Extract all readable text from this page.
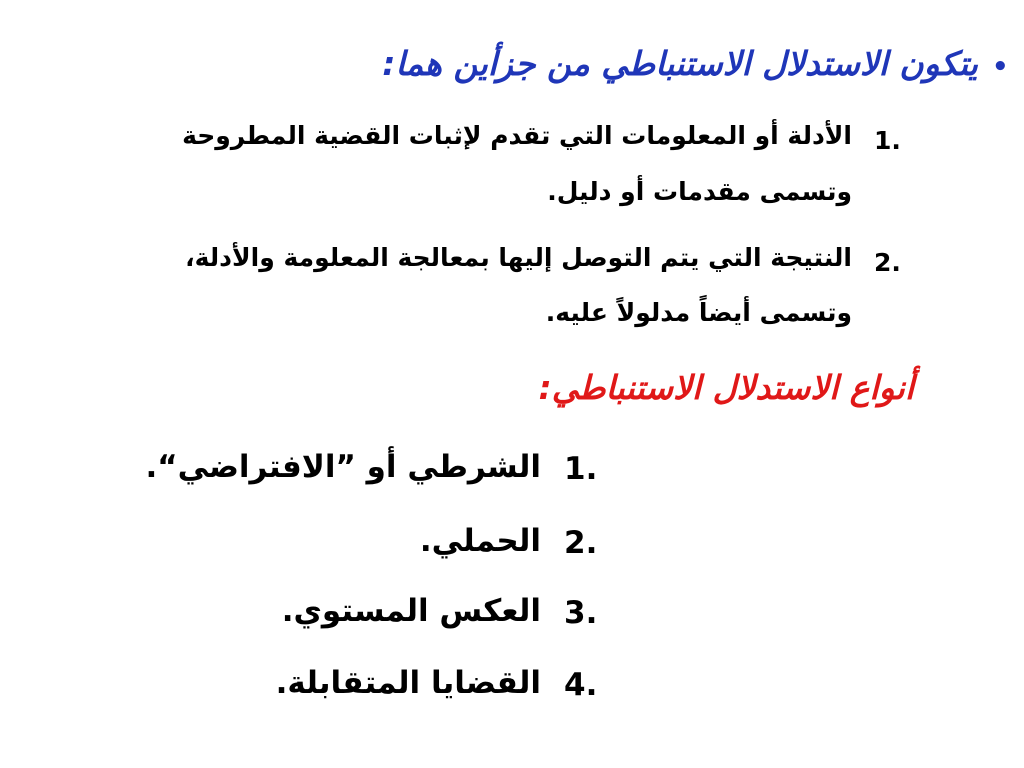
•
يتكون الاستدلال الاستنباطي من جزأين هما:
1.
الأدلة أو المعلومات التي تقدم لإثبات القضية المطروحة
وتسمى مقدمات أو دليل.
2.
النتيجة التي يتم التوصل إليها بمعالجة المعلومة والأدلة،
وتسمى أيضاً مدلولاً عليه.
أنواع الاستدلال الاستنباطي:
1.
الشرطي أو ”الافتراضي“.
2.
الحملي.
3.
العكس المستوي.
4.
القضايا المتقابلة.
